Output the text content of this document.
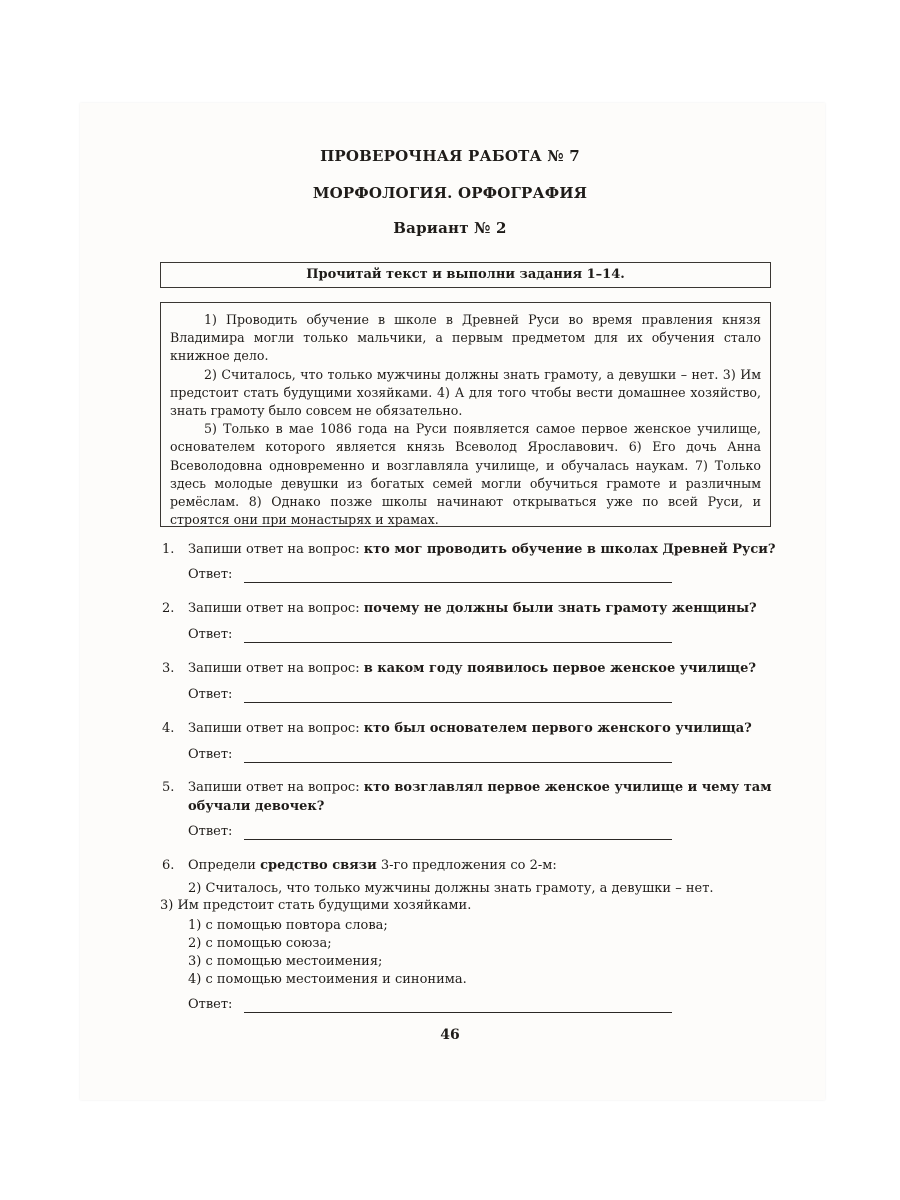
ПРОВЕРОЧНАЯ РАБОТА № 7
МОРФОЛОГИЯ. ОРФОГРАФИЯ
Вариант № 2
Прочитай текст и выполни задания 1–14.

1) Проводить обучение в школе в Древней Руси во время правления князя Владимира могли только мальчики, а первым предметом для их обучения стало книжное дело.

2) Считалось, что только мужчины должны знать грамоту, а девушки – нет. 3) Им предстоит стать будущими хозяйками. 4) А для того чтобы вести домашнее хозяйство, знать грамоту было совсем не обязательно.

5) Только в мае 1086 года на Руси появляется самое первое женское училище, основателем которого является князь Всеволод Ярославович. 6) Его дочь Анна Всеволодовна одновременно и возглавляла училище, и обучалась наукам. 7) Только здесь молодые девушки из богатых семей могли обучиться грамоте и различным ремёслам. 8) Однако позже школы начинают открываться уже по всей Руси, и строятся они при монастырях и храмах.

1. Запиши ответ на вопрос: кто мог проводить обучение в школах Древней Руси?
Ответ:
2. Запиши ответ на вопрос: почему не должны были знать грамоту женщины?
Ответ:
3. Запиши ответ на вопрос: в каком году появилось первое женское училище?
Ответ:
4. Запиши ответ на вопрос: кто был основателем первого женского училища?
Ответ:
5. Запиши ответ на вопрос: кто возглавлял первое женское училище и чему там
обучали девочек?
Ответ:
6. Определи средство связи 3-го предложения со 2-м:
2) Считалось, что только мужчины должны знать грамоту, а девушки – нет.
3) Им предстоит стать будущими хозяйками.
1) с помощью повтора слова;
2) с помощью союза;
3) с помощью местоимения;
4) с помощью местоимения и синонима.
Ответ:
46
